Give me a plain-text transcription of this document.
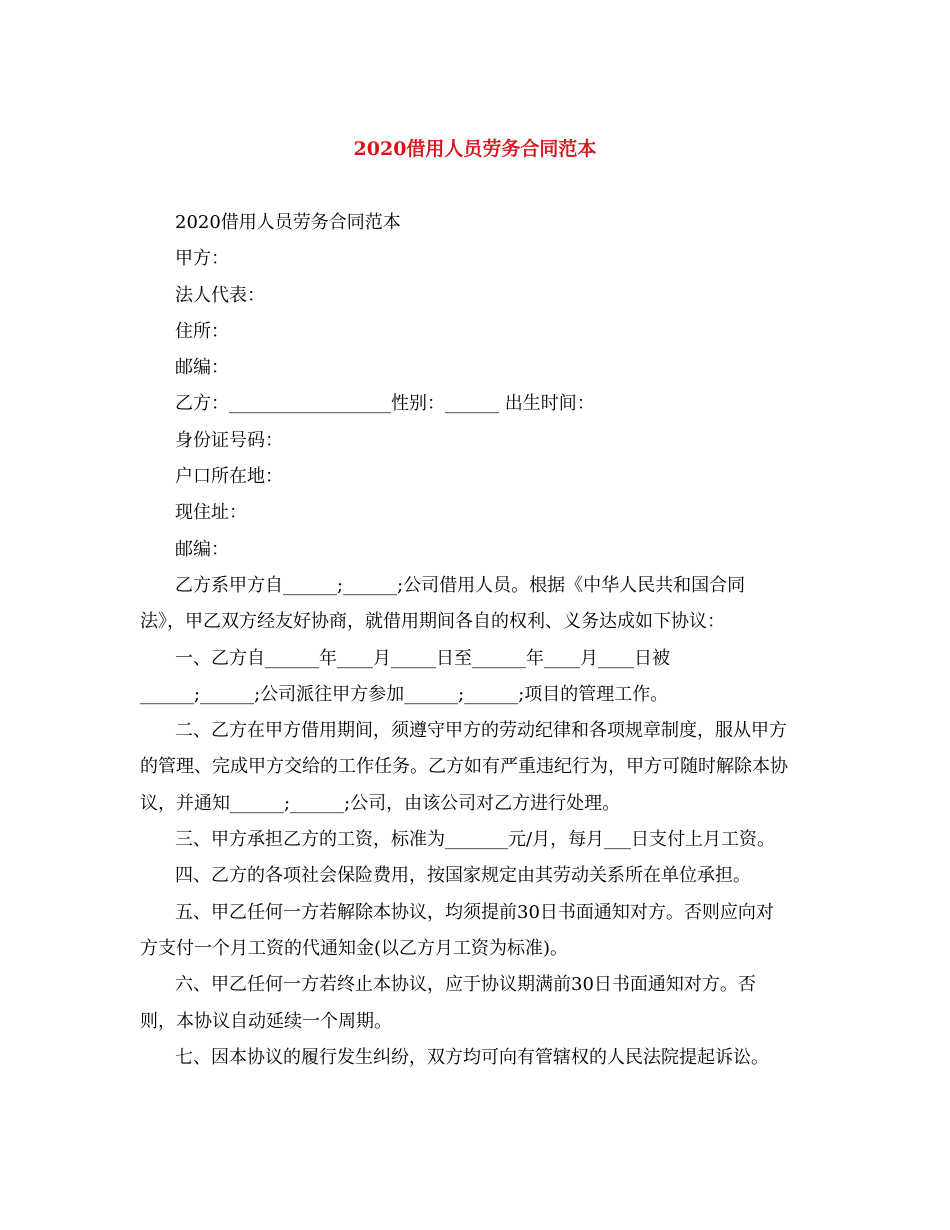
2020借用人员劳务合同范本
2020借用人员劳务合同范本
甲方：
法人代表：
住所：
邮编：
乙方：__________________性别：______ 出生时间：
身份证号码：
户口所在地：
现住址：
邮编：
乙方系甲方自______;______;公司借用人员。根据《中华人民共和国合同
法》，甲乙双方经友好协商，就借用期间各自的权利、义务达成如下协议：
一、乙方自______年____月_____日至______年____月____日被
______;______;公司派往甲方参加______;______;项目的管理工作。
二、乙方在甲方借用期间，须遵守甲方的劳动纪律和各项规章制度，服从甲方
的管理、完成甲方交给的工作任务。乙方如有严重违纪行为，甲方可随时解除本协
议，并通知______;______;公司，由该公司对乙方进行处理。
三、甲方承担乙方的工资，标准为_______元/月，每月___日支付上月工资。
四、乙方的各项社会保险费用，按国家规定由其劳动关系所在单位承担。
五、甲乙任何一方若解除本协议，均须提前30日书面通知对方。否则应向对
方支付一个月工资的代通知金(以乙方月工资为标准)。
六、甲乙任何一方若终止本协议，应于协议期满前30日书面通知对方。否
则，本协议自动延续一个周期。
七、因本协议的履行发生纠纷，双方均可向有管辖权的人民法院提起诉讼。
